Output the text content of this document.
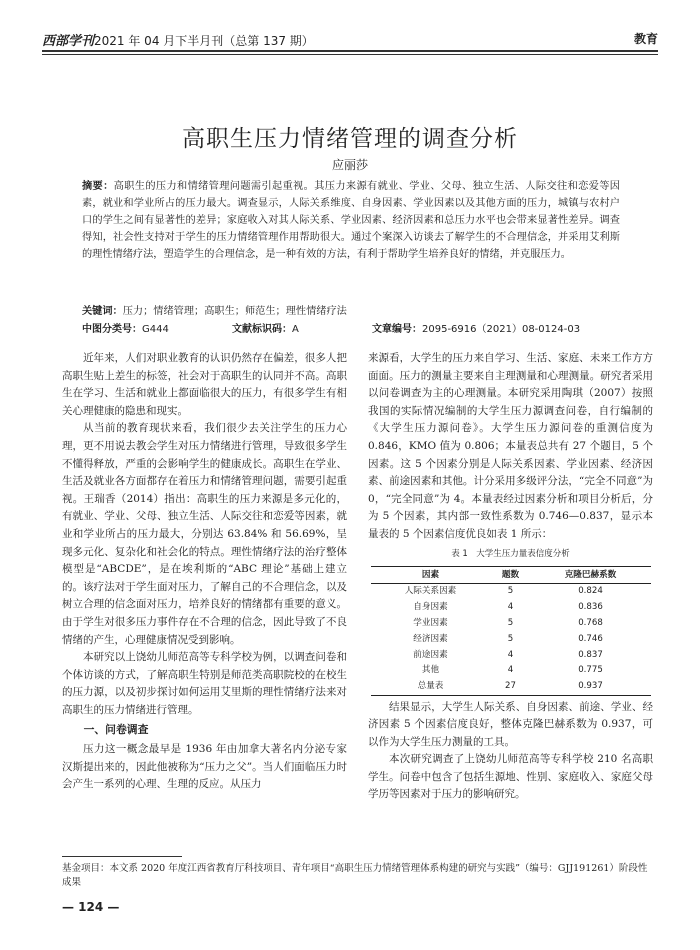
西部学刊2021 年 04 月下半月刊（总第 137 期）	教育
高职生压力情绪管理的调查分析
应丽莎
摘要：高职生的压力和情绪管理问题需引起重视。其压力来源有就业、学业、父母、独立生活、人际交往和恋爱等因素，就业和学业所占的压力最大。调查显示，人际关系维度、自身因素、学业因素以及其他方面的压力，城镇与农村户口的学生之间有显著性的差异；家庭收入对其人际关系、学业因素、经济因素和总压力水平也会带来显著性差异。调查得知，社会性支持对于学生的压力情绪管理作用帮助很大。通过个案深入访谈去了解学生的不合理信念，并采用艾利斯的理性情绪疗法，塑造学生的合理信念，是一种有效的方法，有利于帮助学生培养良好的情绪，并克服压力。
关键词：压力；情绪管理；高职生；师范生；理性情绪疗法
中图分类号：G444	文献标识码：A	文章编号：2095-6916（2021）08-0124-03

近年来，人们对职业教育的认识仍然存在偏差，很多人把高职生贴上差生的标签，社会对于高职生的认同并不高。高职生在学习、生活和就业上都面临很大的压力，有很多学生有相关心理健康的隐患和现实。

从当前的教育现状来看，我们很少去关注学生的压力心理，更不用说去教会学生对压力情绪进行管理，导致很多学生不懂得释放，严重的会影响学生的健康成长。高职生在学业、生活及就业各方面都存在着压力和情绪管理问题，需要引起重视。王瑞香（2014）指出：高职生的压力来源是多元化的，有就业、学业、父母、独立生活、人际交往和恋爱等因素，就业和学业所占的压力最大，分别达 63.84% 和 56.69%，呈现多元化、复杂化和社会化的特点。理性情绪疗法的治疗整体模型是“ABCDE”，是在埃利斯的“ABC 理论”基础上建立的。该疗法对于学生面对压力，了解自己的不合理信念，以及树立合理的信念面对压力，培养良好的情绪都有重要的意义。由于学生对很多压力事件存在不合理的信念，因此导致了不良情绪的产生，心理健康情况受到影响。

本研究以上饶幼儿师范高等专科学校为例，以调查问卷和个体访谈的方式，了解高职生特别是师范类高职院校的在校生的压力源，以及初步探讨如何运用艾里斯的理性情绪疗法来对高职生的压力情绪进行管理。

一、问卷调查

压力这一概念最早是 1936 年由加拿大著名内分泌专家汉斯提出来的，因此他被称为“压力之父”。当人们面临压力时会产生一系列的心理、生理的反应。从压力

来源看，大学生的压力来自学习、生活、家庭、未来工作方方面面。压力的测量主要来自主理测量和心理测量。研究者采用以问卷调查为主的心理测量。本研究采用陶琪（2007）按照我国的实际情况编制的大学生压力源调查问卷，自行编制的《大学生压力源问卷》。大学生压力源问卷的重测信度为 0.846，KMO 值为 0.806；本量表总共有 27 个题目，5 个因素。这 5 个因素分别是人际关系因素、学业因素、经济因素、前途因素和其他。计分采用多级评分法，“完全不同意”为 0，“完全同意”为 4。本量表经过因素分析和项目分析后，分为 5 个因素，其内部一致性系数为 0.746—0.837，显示本量表的 5 个因素信度优良如表 1 所示：

表 1　大学生压力量表信度分析
因素	题数	克隆巴赫系数
人际关系因素	5	0.824
自身因素	4	0.836
学业因素	5	0.768
经济因素	5	0.746
前途因素	4	0.837
其他	4	0.775
总量表	27	0.937

结果显示，大学生人际关系、自身因素、前途、学业、经济因素 5 个因素信度良好，整体克隆巴赫系数为 0.937，可以作为大学生压力测量的工具。

本次研究调查了上饶幼儿师范高等专科学校 210 名高职学生。问卷中包含了包括生源地、性别、家庭收入、家庭父母学历等因素对于压力的影响研究。

基金项目：本文系 2020 年度江西省教育厅科技项目、青年项目“高职生压力情绪管理体系构建的研究与实践”（编号：GJJ191261）阶段性成果
— 124 —
